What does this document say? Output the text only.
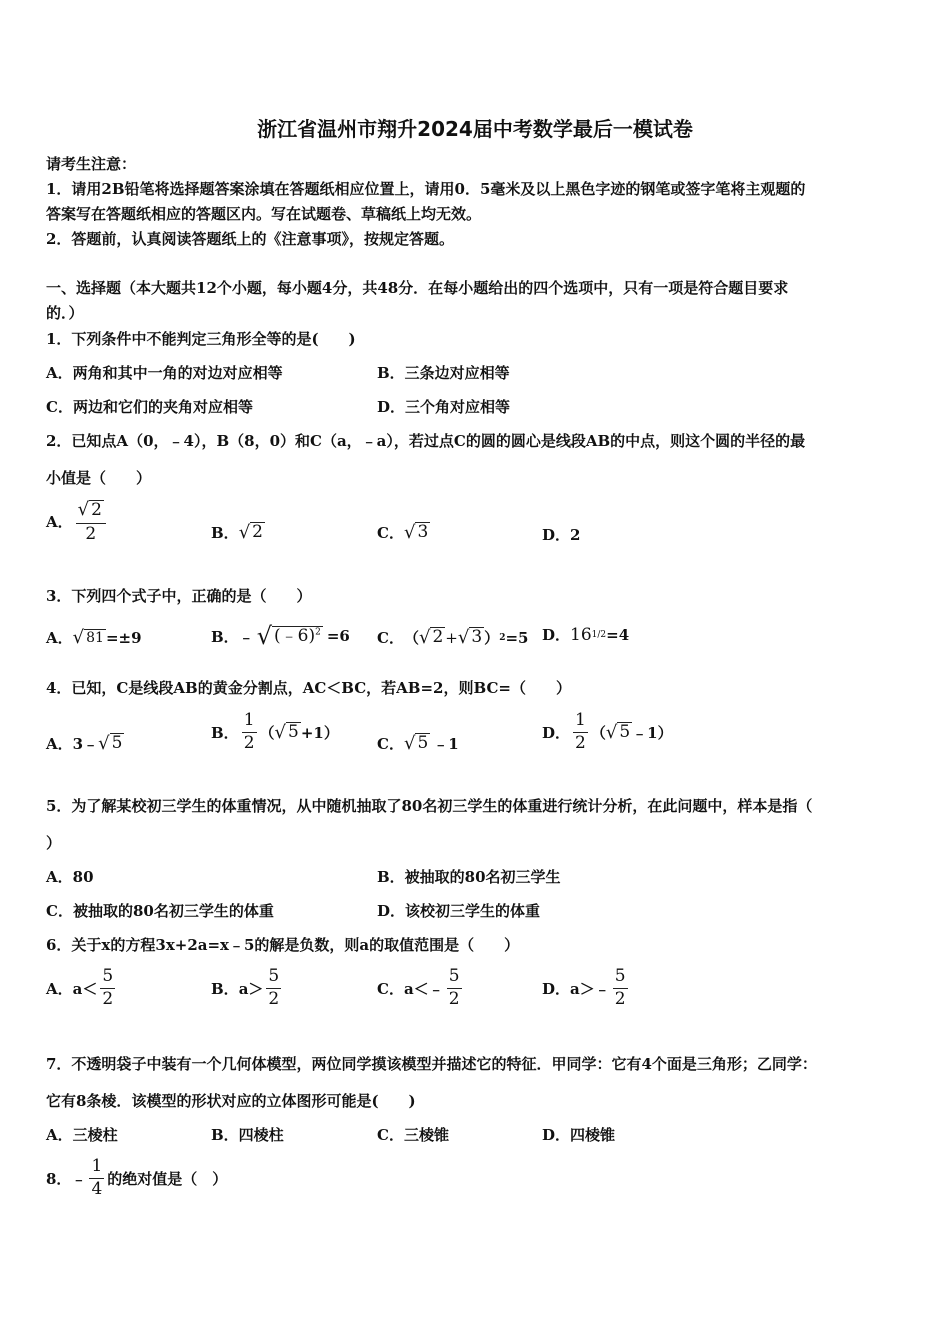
浙江省温州市翔升2024届中考数学最后一模试卷
请考生注意：
1．请用2B铅笔将选择题答案涂填在答题纸相应位置上，请用0．5毫米及以上黑色字迹的钢笔或签字笔将主观题的
答案写在答题纸相应的答题区内。写在试题卷、草稿纸上均无效。
2．答题前，认真阅读答题纸上的《注意事项》，按规定答题。
一、选择题（本大题共12个小题，每小题4分，共48分．在每小题给出的四个选项中，只有一项是符合题目要求
的．）
1．下列条件中不能判定三角形全等的是(　　)
A．两角和其中一角的对边对应相等	B．三条边对应相等
C．两边和它们的夹角对应相等	D．三个角对应相等
2．已知点A（0，﹣4），B（8，0）和C（a，﹣a），若过点C的圆的圆心是线段AB的中点，则这个圆的半径的最
小值是（　　）
A． $\frac{√ 2}{2}$	B． √ 2	C． √ 3	D． 2
3．下列四个式子中，正确的是（　　）
A． √ 81 =±9	B． ﹣ √ (﹣6)$^2$ =6 C． （ √ 2 + √ 3 ） 2 =5 D． 16 1/2 =4
4．已知，C是线段AB的黄金分割点，AC＜BC，若AB=2，则BC=（　　）
A． 3﹣ √ 5
B． $\frac{1}{2}$ （ √ 5 +1）
C． √ 5 ﹣1
D． $\frac{1}{2}$ （ √ 5 ﹣1）
5．为了解某校初三学生的体重情况，从中随机抽取了80名初三学生的体重进行统计分析，在此问题中，样本是指（
）
A．80	B．被抽取的80名初三学生
C．被抽取的80名初三学生的体重	D．该校初三学生的体重
6．关于x的方程3x+2a=x﹣5的解是负数，则a的取值范围是（　　）
A． $a< \frac{5}{2}$	B． $a> \frac{5}{2}$	C． a＜﹣ $\frac{5}{2}$	D． a＞﹣ $\frac{5}{2}$
7．不透明袋子中装有一个几何体模型，两位同学摸该模型并描述它的特征．甲同学：它有4个面是三角形；乙同学：
它有8条棱．该模型的形状对应的立体图形可能是(　　)
A．三棱柱	B．四棱柱	C．三棱锥	D．四棱锥
8．﹣ $\frac{1}{4}$ 的绝对值是（　）
